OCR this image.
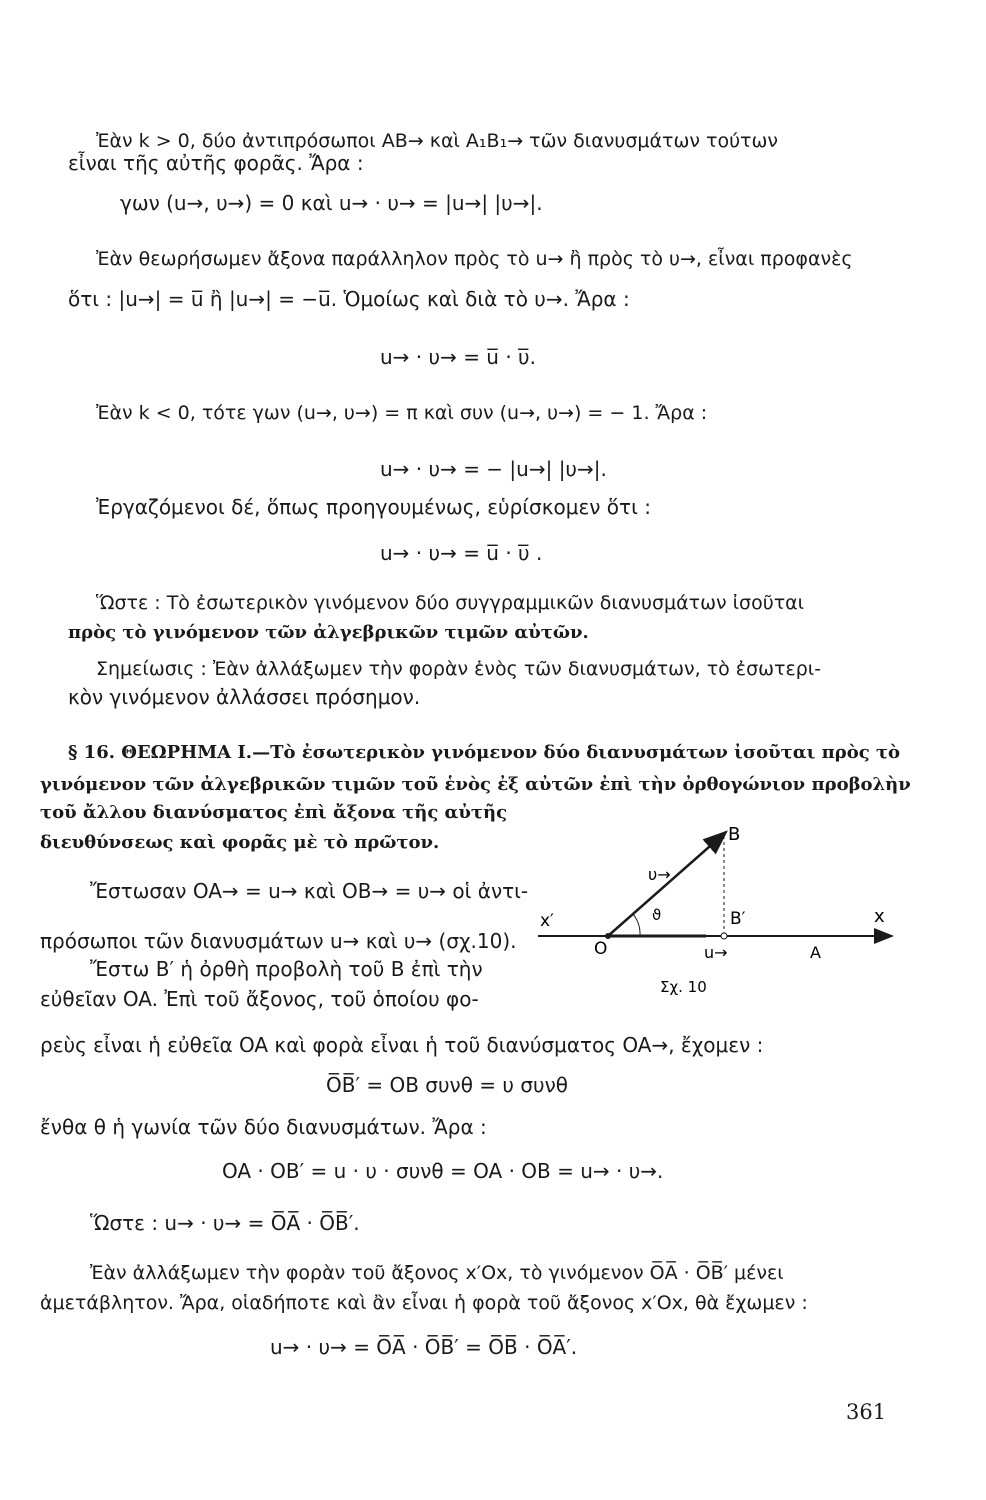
Ἐὰν k > 0, δύο ἀντιπρόσωποι AB→ καὶ A₁B₁→ τῶν διανυσμάτων τούτων
εἶναι τῆς αὐτῆς φορᾶς. Ἄρα :
γων (u→, υ→) = 0 καὶ u→ · υ→ = |u→| |υ→|.
Ἐὰν θεωρήσωμεν ἄξονα παράλληλον πρὸς τὸ u→ ἢ πρὸς τὸ υ→, εἶναι προφανὲς
ὅτι : |u→| = u̅ ἢ |u→| = −u̅. Ὁμοίως καὶ διὰ τὸ υ→. Ἄρα :
u→ · υ→ = u̅ · υ̅.
Ἐὰν k < 0, τότε γων (u→, υ→) = π καὶ συν (u→, υ→) = − 1. Ἄρα :
u→ · υ→ = − |u→| |υ→|.
Ἐργαζόμενοι δέ, ὅπως προηγουμένως, εὑρίσκομεν ὅτι :
u→ · υ→ = u̅ · υ̅ .
Ὥστε : Τὸ ἐσωτερικὸν γινόμενον δύο συγγραμμικῶν διανυσμάτων ἰσοῦται
πρὸς τὸ γινόμενον τῶν ἀλγεβρικῶν τιμῶν αὐτῶν.
Σημείωσις : Ἐὰν ἀλλάξωμεν τὴν φορὰν ἑνὸς τῶν διανυσμάτων, τὸ ἐσωτερι-
κὸν γινόμενον ἀλλάσσει πρόσημον.
§ 16. ΘΕΩΡΗΜΑ Ι.—Τὸ ἐσωτερικὸν γινόμενον δύο διανυσμάτων ἰσοῦται πρὸς τὸ
γινόμενον τῶν ἀλγεβρικῶν τιμῶν τοῦ ἑνὸς ἐξ αὐτῶν ἐπὶ τὴν ὀρθογώνιον προβολὴν
τοῦ ἄλλου διανύσματος ἐπὶ ἄξονα τῆς αὐτῆς
διευθύνσεως καὶ φορᾶς μὲ τὸ πρῶτον.
Ἔστωσαν OA→ = u→ καὶ OB→ = υ→ οἱ ἀντι-
πρόσωποι τῶν διανυσμάτων u→ καὶ υ→ (σχ.10).
Ἔστω B′ ἡ ὀρθὴ προβολὴ τοῦ B ἐπὶ τὴν
εὐθεῖαν OA. Ἐπὶ τοῦ ἄξονος, τοῦ ὁποίου φο-
ρεὺς εἶναι ἡ εὐθεῖα OA καὶ φορὰ εἶναι ἡ τοῦ διανύσματος OA→, ἔχομεν :
O̅B̅′ = OB συνθ = υ συνθ
ἔνθα θ ἡ γωνία τῶν δύο διανυσμάτων. Ἄρα :
OA · OB′ = u · υ · συνθ = OA · OB = u→ · υ→.
Ὥστε : u→ · υ→ = O̅A̅ · O̅B̅′.
Ἐὰν ἀλλάξωμεν τὴν φορὰν τοῦ ἄξονος x′Ox, τὸ γινόμενον O̅A̅ · O̅B̅′ μένει
ἀμετάβλητον. Ἄρα, οἱαδήποτε καὶ ἂν εἶναι ἡ φορὰ τοῦ ἄξονος x′Ox, θὰ ἔχωμεν :
u→ · υ→ = O̅A̅ · O̅B̅′ = O̅B̅ · O̅A̅′.
B
B′
O	A
x
x′	ϑ
υ→
u→
Σχ. 10
361
